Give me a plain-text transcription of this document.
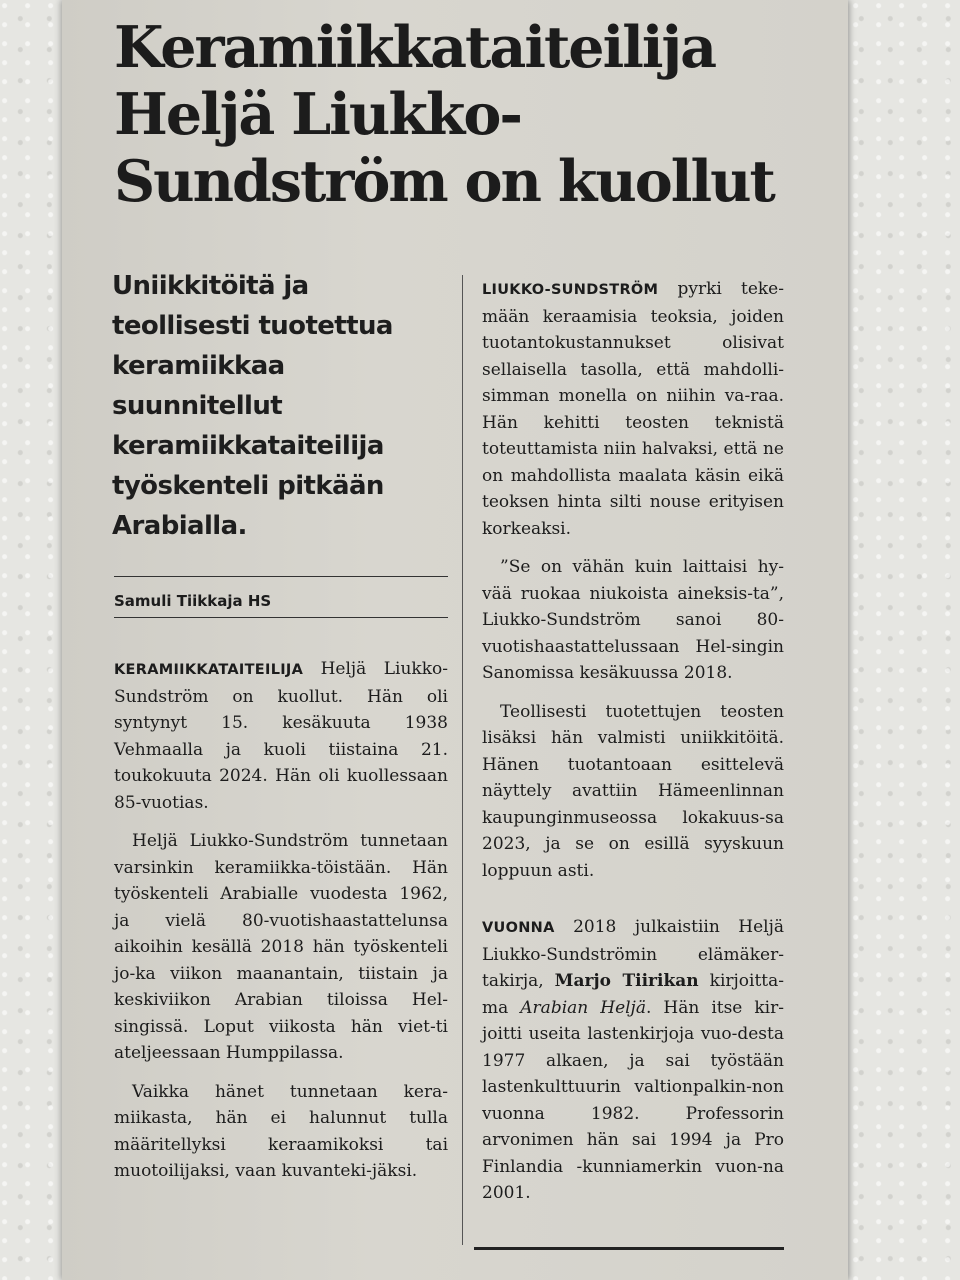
Keramiikkataiteilija Heljä Liukko-Sundström on kuollut

Uniikkitöitä ja teollisesti tuotettua keramiikkaa suunnitellut keramiikkataiteilija työskenteli pitkään Arabialla.

Samuli Tiikkaja HS

KERAMIIKKATAITEILIJA Heljä Liukko-Sundström on kuollut. Hän oli syntynyt 15. kesäkuuta 1938 Vehmaalla ja kuoli tiistaina 21. toukokuuta 2024. Hän oli kuollessaan 85-vuotias.

Heljä Liukko-Sundström tunnetaan varsinkin keramiikka-töistään. Hän työskenteli Arabialle vuodesta 1962, ja vielä 80-vuotishaastattelunsa aikoihin kesällä 2018 hän työskenteli jo-ka viikon maanantain, tiistain ja keskiviikon Arabian tiloissa Hel-singissä. Loput viikosta hän viet-ti ateljeessaan Humppilassa.

Vaikka hänet tunnetaan kera-miikasta, hän ei halunnut tulla määritellyksi keraamikoksi tai muotoilijaksi, vaan kuvanteki-jäksi.

LIUKKO-SUNDSTRÖM pyrki teke-mään keraamisia teoksia, joiden tuotantokustannukset olisivat sellaisella tasolla, että mahdolli-simman monella on niihin va-raa. Hän kehitti teosten teknistä toteuttamista niin halvaksi, että ne on mahdollista maalata käsin eikä teoksen hinta silti nouse erityisen korkeaksi.

”Se on vähän kuin laittaisi hy-vää ruokaa niukoista aineksis-ta”, Liukko-Sundström sanoi 80-vuotishaastattelussaan Hel-singin Sanomissa kesäkuussa 2018.

Teollisesti tuotettujen teosten lisäksi hän valmisti uniikkitöitä. Hänen tuotantoaan esittelevä näyttely avattiin Hämeenlinnan kaupunginmuseossa lokakuus-sa 2023, ja se on esillä syyskuun loppuun asti.

VUONNA 2018 julkaistiin Heljä Liukko-Sundströmin elämäker-takirja, Marjo Tiirikan kirjoitta-ma Arabian Heljä. Hän itse kir-joitti useita lastenkirjoja vuo-desta 1977 alkaen, ja sai työstään lastenkulttuurin valtionpalkin-non vuonna 1982. Professorin arvonimen hän sai 1994 ja Pro Finlandia -kunniamerkin vuon-na 2001.
